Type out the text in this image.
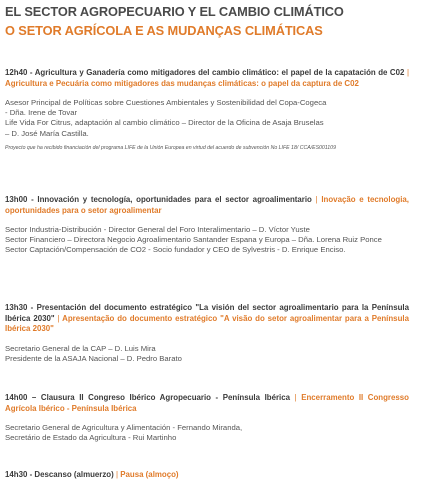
EL SECTOR AGROPECUARIO Y EL CAMBIO CLIMÁTICO
O SETOR AGRÍCOLA E AS MUDANÇAS CLIMÁTICAS

12h40 - Agricultura y Ganadería como mitigadores del cambio climático: el papel de la capatación de C02 | Agricultura e Pecuária como mitigadores das mudanças climáticas: o papel da captura de C02

Asesor Principal de Políticas sobre Cuestiones Ambientales y Sostenibilidad del Copa-Cogeca

- Dña. Irene de Tovar

Life Vida For Citrus, adaptación al cambio climático – Director de la Oficina de Asaja Bruselas

– D. José María Castilla.

Proyecto que ha recibido financiación del programa LIFE de la Unión Europea en virtud del acuerdo de subvención No LIFE 18/ CCA/ES001109

13h00 - Innovación y tecnología, oportunidades para el sector agroalimentario | Inovação e tecnologia, oportunidades para o setor agroalimentar

Sector Industria-Distribución - Director General del Foro Interalimentario – D. Víctor Yuste

Sector Financiero – Directora Negocio Agroalimentario Santander Espana y Europa – Dña. Lorena Ruiz Ponce

Sector Captación/Compensación de CO2 - Socio fundador y CEO de Sylvestris - D. Enrique Enciso.

13h30 - Presentación del documento estratégico "La visión del sector agroalimentario para la Península Ibérica 2030" | Apresentação do documento estratégico "A visão do setor agroalimentar para a Península Ibérica 2030"

Secretario General de la CAP – D. Luis Mira

Presidente de la ASAJA Nacional – D. Pedro Barato

14h00 – Clausura II Congreso Ibérico Agropecuario - Península Ibérica | Encerramento II Congresso Agrícola Ibérico - Península Ibérica

Secretario General de Agricultura y Alimentación - Fernando Miranda,

Secretário de Estado da Agricultura - Rui Martinho

14h30 - Descanso (almuerzo) | Pausa (almoço)
